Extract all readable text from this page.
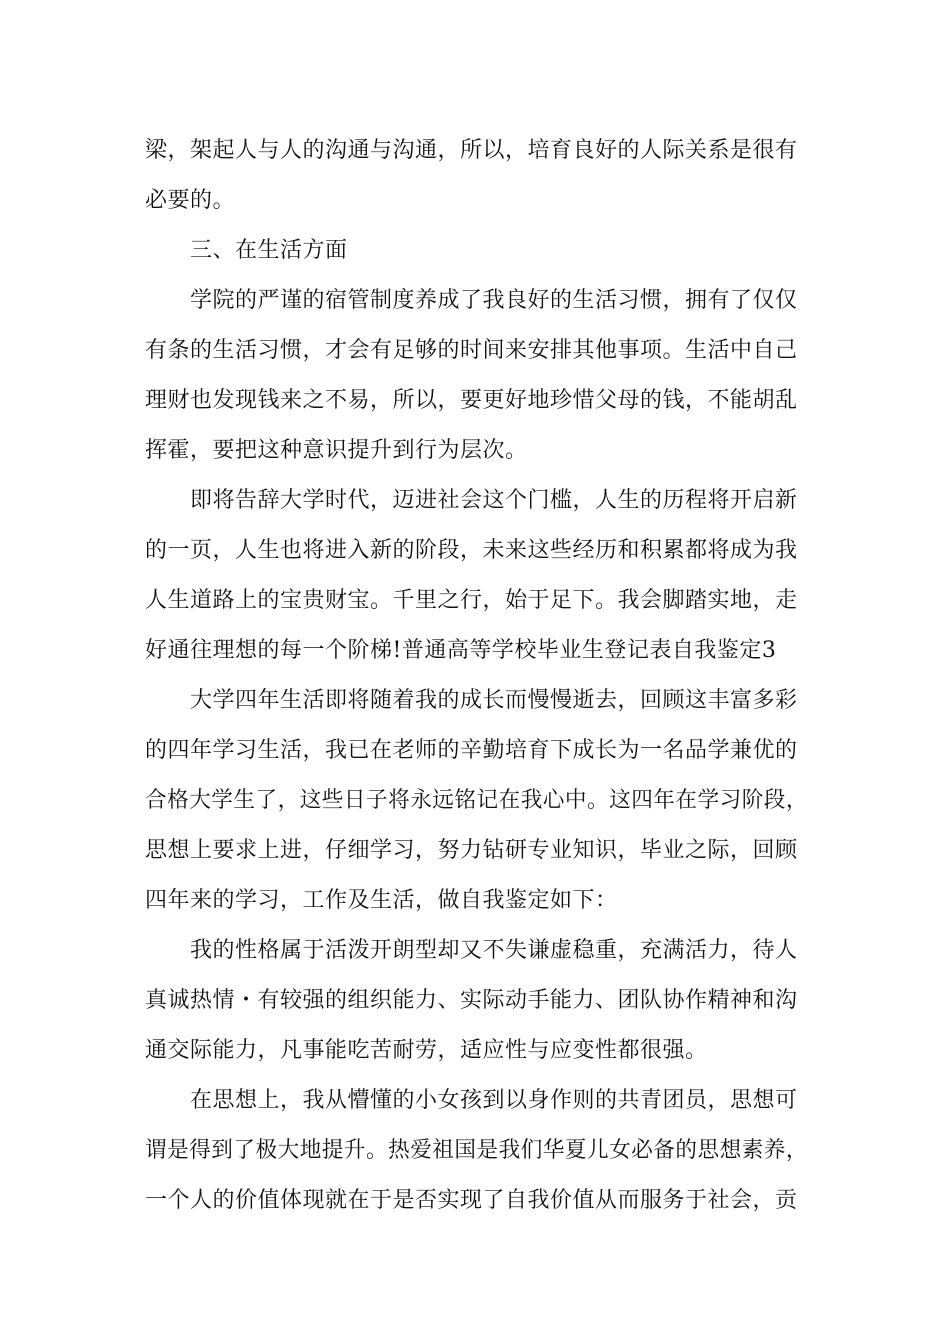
梁，架起人与人的沟通与沟通，所以，培育良好的人际关系是很有
必要的。
三、在生活方面
学院的严谨的宿管制度养成了我良好的生活习惯，拥有了仅仅
有条的生活习惯，才会有足够的时间来安排其他事项。生活中自己
理财也发现钱来之不易，所以，要更好地珍惜父母的钱，不能胡乱
挥霍，要把这种意识提升到行为层次。
即将告辞大学时代，迈进社会这个门槛，人生的历程将开启新
的一页，人生也将进入新的阶段，未来这些经历和积累都将成为我
人生道路上的宝贵财宝。千里之行，始于足下。我会脚踏实地，走
好通往理想的每一个阶梯!普通高等学校毕业生登记表自我鉴定3
大学四年生活即将随着我的成长而慢慢逝去，回顾这丰富多彩
的四年学习生活，我已在老师的辛勤培育下成长为一名品学兼优的
合格大学生了，这些日子将永远铭记在我心中。这四年在学习阶段，
思想上要求上进，仔细学习，努力钻研专业知识，毕业之际，回顾
四年来的学习，工作及生活，做自我鉴定如下：
我的性格属于活泼开朗型却又不失谦虚稳重，充满活力，待人
真诚热情・有较强的组织能力、实际动手能力、团队协作精神和沟
通交际能力，凡事能吃苦耐劳，适应性与应变性都很强。
在思想上，我从懵懂的小女孩到以身作则的共青团员，思想可
谓是得到了极大地提升。热爱祖国是我们华夏儿女必备的思想素养，
一个人的价值体现就在于是否实现了自我价值从而服务于社会，贡
